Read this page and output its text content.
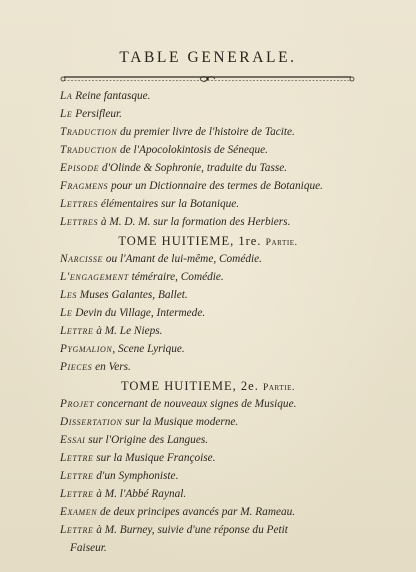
TABLE GENERALE.
La Reine fantasque.
Le Persifleur.
Traduction du premier livre de l'histoire de Tacite.
Traduction de l'Apocolokintosis de Séneque.
Episode d'Olinde & Sophronie, traduite du Tasse.
Fragmens pour un Dictionnaire des termes de Botanique.
Lettres élémentaires sur la Botanique.
Lettres à M. D. M. sur la formation des Herbiers.
TOME HUITIEME, 1re. Partie.
Narcisse ou l'Amant de lui-même, Comédie.
L'engagement téméraire, Comédie.
Les Muses Galantes, Ballet.
Le Devin du Village, Intermede.
Lettre à M. Le Nieps.
Pygmalion, Scene Lyrique.
Pieces en Vers.
TOME HUITIEME, 2e. Partie.
Projet concernant de nouveaux signes de Musique.
Dissertation sur la Musique moderne.
Essai sur l'Origine des Langues.
Lettre sur la Musique Françoise.
Lettre d'un Symphoniste.
Lettre à M. l'Abbé Raynal.
Examen de deux principes avancés par M. Rameau.
Lettre à M. Burney, suivie d'une réponse du Petit
Faiseur.
